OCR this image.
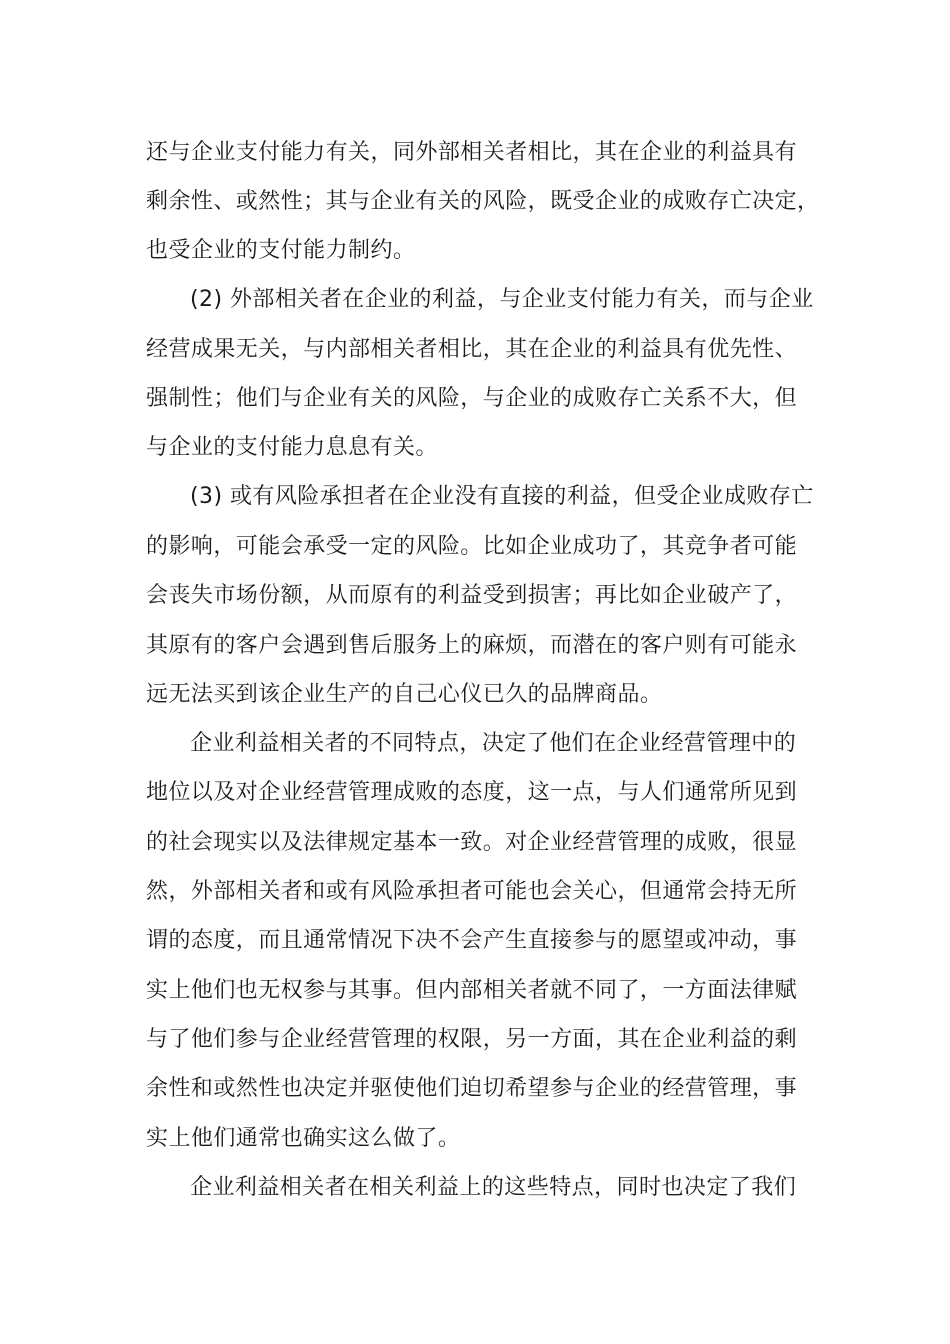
还与企业支付能力有关，同外部相关者相比，其在企业的利益具有

剩余性、或然性；其与企业有关的风险，既受企业的成败存亡决定，

也受企业的支付能力制约。

(2) 外部相关者在企业的利益，与企业支付能力有关，而与企业

经营成果无关，与内部相关者相比，其在企业的利益具有优先性、

强制性；他们与企业有关的风险，与企业的成败存亡关系不大，但

与企业的支付能力息息有关。

(3) 或有风险承担者在企业没有直接的利益，但受企业成败存亡

的影响，可能会承受一定的风险。比如企业成功了，其竞争者可能

会丧失市场份额，从而原有的利益受到损害；再比如企业破产了，

其原有的客户会遇到售后服务上的麻烦，而潜在的客户则有可能永

远无法买到该企业生产的自己心仪已久的品牌商品。

企业利益相关者的不同特点，决定了他们在企业经营管理中的

地位以及对企业经营管理成败的态度，这一点，与人们通常所见到

的社会现实以及法律规定基本一致。对企业经营管理的成败，很显

然，外部相关者和或有风险承担者可能也会关心，但通常会持无所

谓的态度，而且通常情况下决不会产生直接参与的愿望或冲动，事

实上他们也无权参与其事。但内部相关者就不同了，一方面法律赋

与了他们参与企业经营管理的权限，另一方面，其在企业利益的剩

余性和或然性也决定并驱使他们迫切希望参与企业的经营管理，事

实上他们通常也确实这么做了。

企业利益相关者在相关利益上的这些特点，同时也决定了我们
